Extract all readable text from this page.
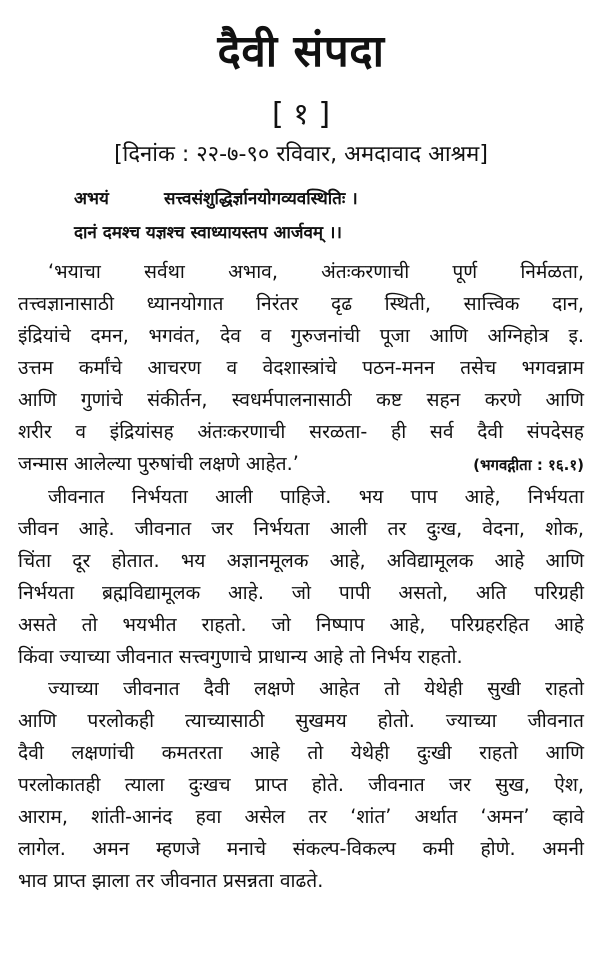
दैवी संपदा
[ १ ]
[दिनांक : २२-७-९० रविवार, अमदावाद आश्रम]
अभयं	सत्त्वसंशुद्धिर्ज्ञानयोगव्यवस्थितिः ।
दानं दमश्च यज्ञश्च स्वाध्यायस्तप आर्जवम् ।।
‘भयाचा सर्वथा अभाव, अंतःकरणाची पूर्ण निर्मळता,
तत्त्वज्ञानासाठी ध्यानयोगात निरंतर दृढ स्थिती, सात्त्विक दान,
इंद्रियांचे दमन, भगवंत, देव व गुरुजनांची पूजा आणि अग्निहोत्र इ.
उत्तम कर्मांचे आचरण व वेदशास्त्रांचे पठन-मनन तसेच भगवन्नाम
आणि गुणांचे संकीर्तन, स्वधर्मपालनासाठी कष्ट सहन करणे आणि
शरीर व इंद्रियांसह अंतःकरणाची सरळता- ही सर्व दैवी संपदेसह
जन्मास आलेल्या पुरुषांची लक्षणे आहेत.’	(भगवद्गीता : १६.१)
जीवनात निर्भयता आली पाहिजे. भय पाप आहे, निर्भयता
जीवन आहे. जीवनात जर निर्भयता आली तर दुःख, वेदना, शोक,
चिंता दूर होतात. भय अज्ञानमूलक आहे, अविद्यामूलक आहे आणि
निर्भयता ब्रह्मविद्यामूलक आहे. जो पापी असतो, अति परिग्रही
असते तो भयभीत राहतो. जो निष्पाप आहे, परिग्रहरहित आहे
किंवा ज्याच्या जीवनात सत्त्वगुणाचे प्राधान्य आहे तो निर्भय राहतो.
ज्याच्या जीवनात दैवी लक्षणे आहेत तो येथेही सुखी राहतो
आणि परलोकही त्याच्यासाठी सुखमय होतो. ज्याच्या जीवनात
दैवी लक्षणांची कमतरता आहे तो येथेही दुःखी राहतो आणि
परलोकातही त्याला दुःखच प्राप्त होते. जीवनात जर सुख, ऐश,
आराम, शांती-आनंद हवा असेल तर ‘शांत’ अर्थात ‘अमन’ व्हावे
लागेल. अमन म्हणजे मनाचे संकल्प-विकल्प कमी होणे. अमनी
भाव प्राप्त झाला तर जीवनात प्रसन्नता वाढते.
